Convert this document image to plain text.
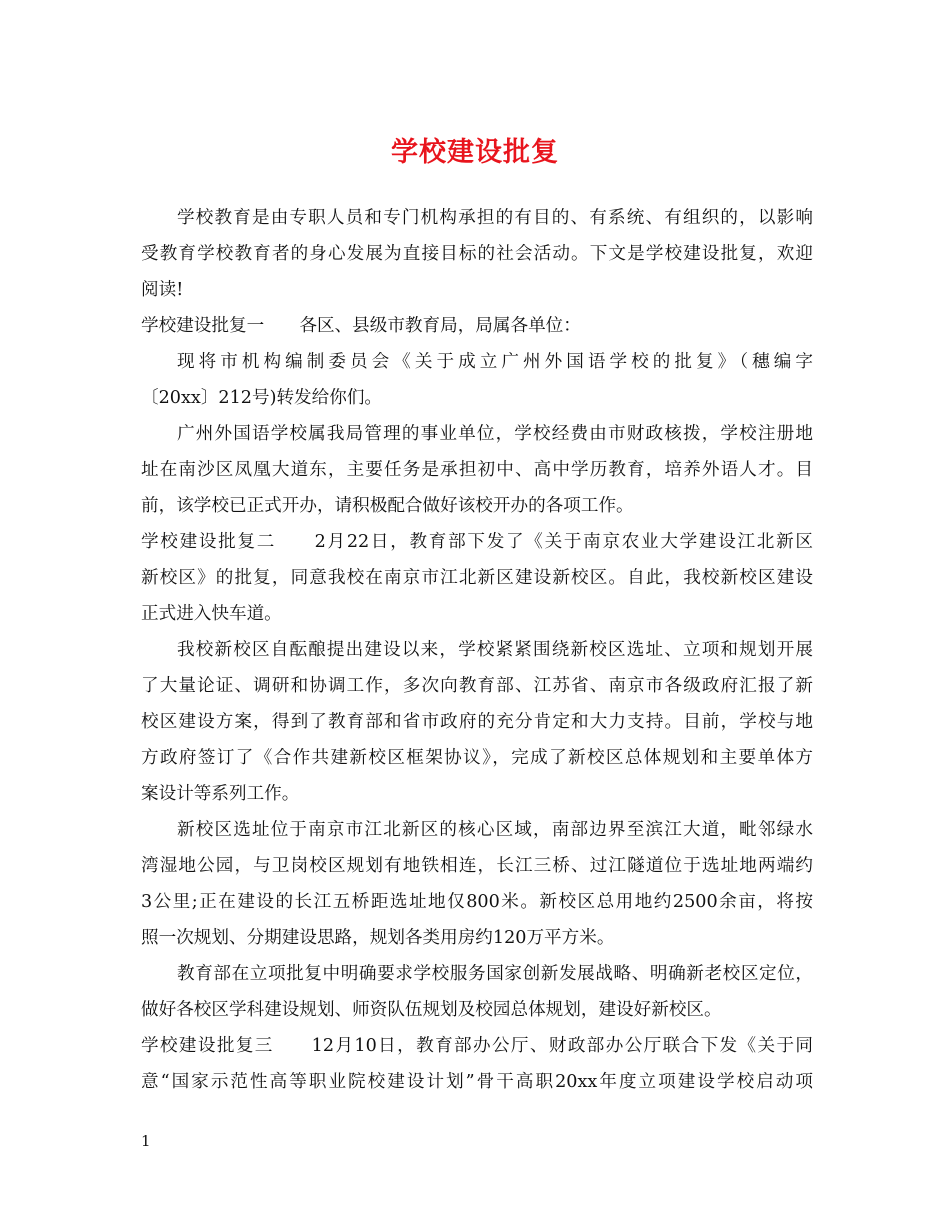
学校建设批复
学校教育是由专职人员和专门机构承担的有目的、有系统、有组织的，以影响
受教育学校教育者的身心发展为直接目标的社会活动。下文是学校建设批复，欢迎
阅读!
学校建设批复一　　各区、县级市教育局，局属各单位：
现将市机构编制委员会《关于成立广州外国语学校的批复》（穗编字
〔20xx〕212号)转发给你们。
广州外国语学校属我局管理的事业单位，学校经费由市财政核拨，学校注册地
址在南沙区凤凰大道东，主要任务是承担初中、高中学历教育，培养外语人才。目
前，该学校已正式开办，请积极配合做好该校开办的各项工作。
学校建设批复二　　2月22日，教育部下发了《关于南京农业大学建设江北新区
新校区》的批复，同意我校在南京市江北新区建设新校区。自此，我校新校区建设
正式进入快车道。
我校新校区自酝酿提出建设以来，学校紧紧围绕新校区选址、立项和规划开展
了大量论证、调研和协调工作，多次向教育部、江苏省、南京市各级政府汇报了新
校区建设方案，得到了教育部和省市政府的充分肯定和大力支持。目前，学校与地
方政府签订了《合作共建新校区框架协议》，完成了新校区总体规划和主要单体方
案设计等系列工作。
新校区选址位于南京市江北新区的核心区域，南部边界至滨江大道，毗邻绿水
湾湿地公园，与卫岗校区规划有地铁相连，长江三桥、过江隧道位于选址地两端约
3公里;正在建设的长江五桥距选址地仅800米。新校区总用地约2500余亩，将按
照一次规划、分期建设思路，规划各类用房约120万平方米。
教育部在立项批复中明确要求学校服务国家创新发展战略、明确新老校区定位，
做好各校区学科建设规划、师资队伍规划及校园总体规划，建设好新校区。
学校建设批复三　　12月10日，教育部办公厅、财政部办公厅联合下发《关于同
意“国家示范性高等职业院校建设计划”骨干高职20xx年度立项建设学校启动项
1
